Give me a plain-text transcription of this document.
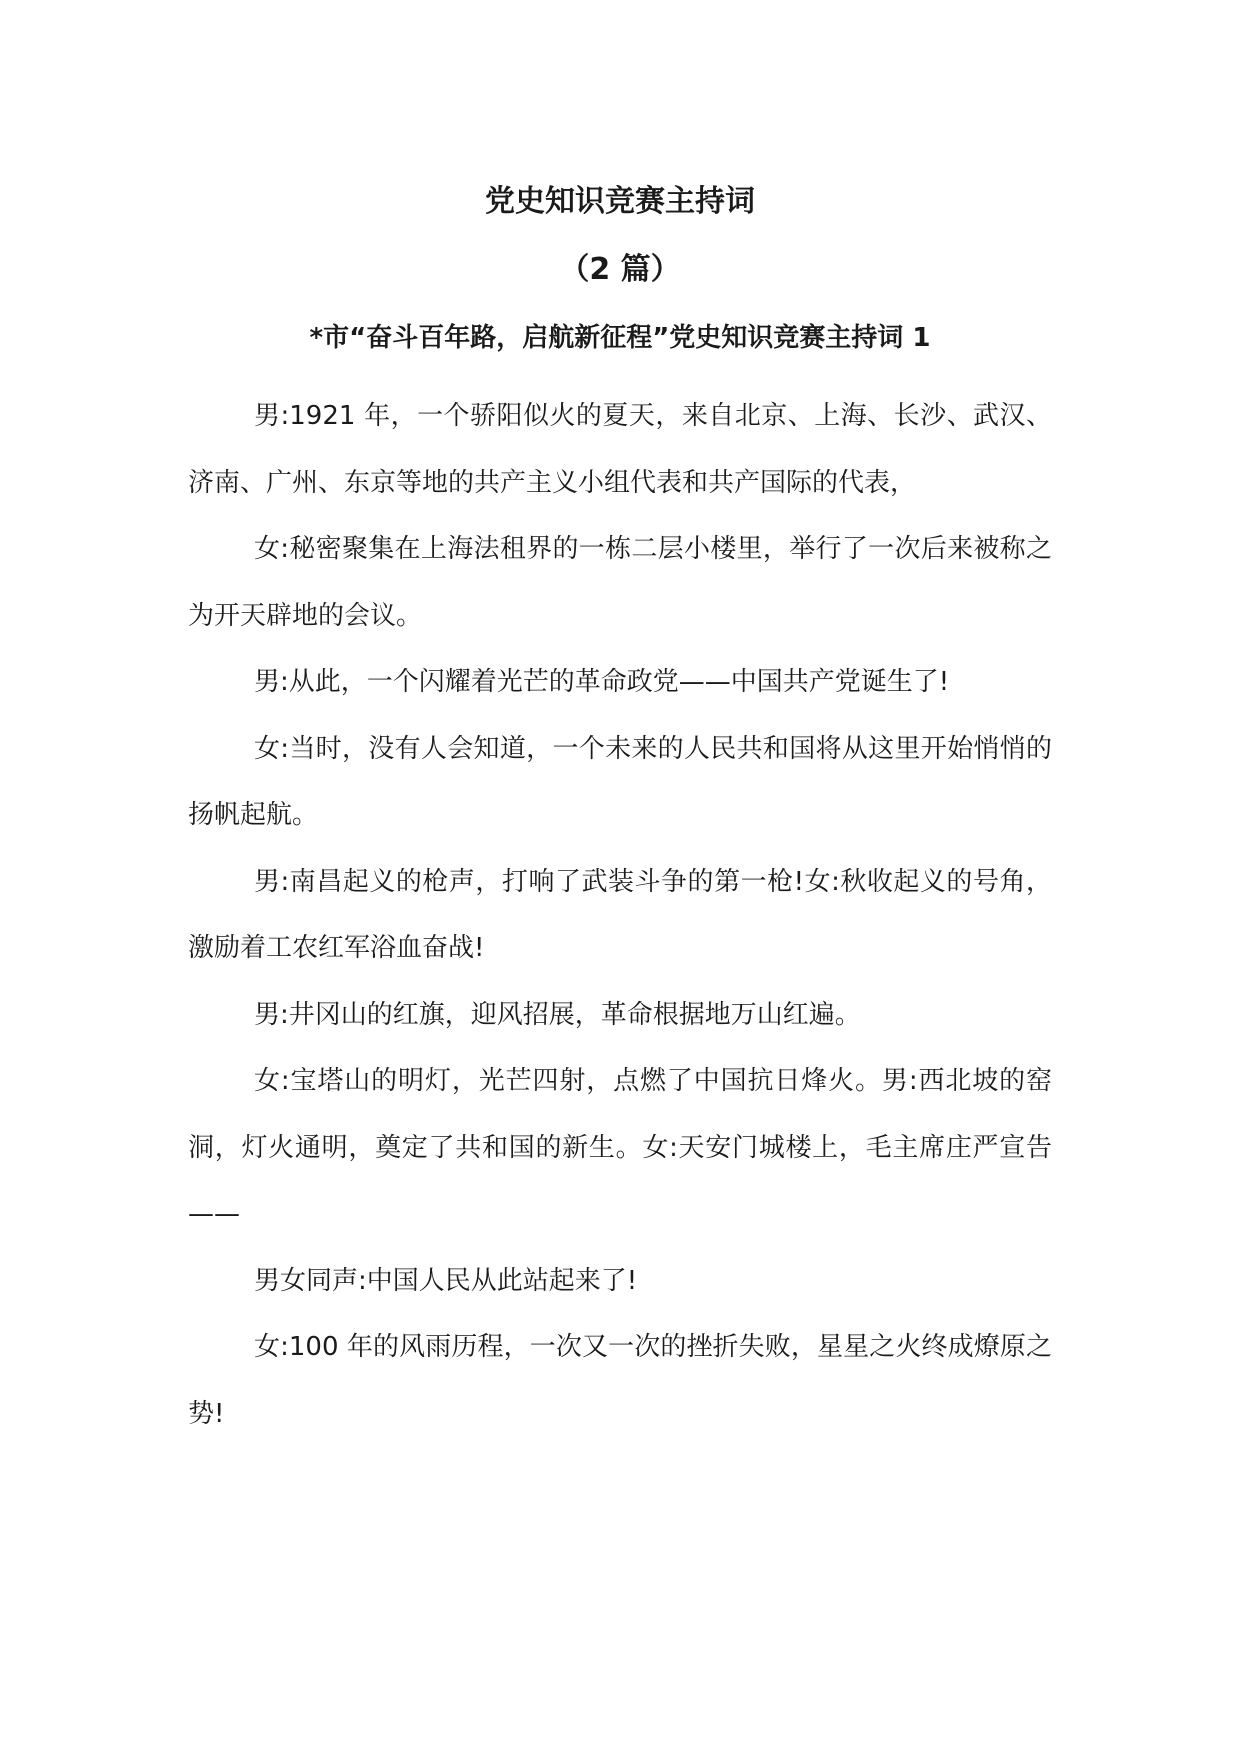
党史知识竞赛主持词
（2 篇）
*市“奋斗百年路，启航新征程”党史知识竞赛主持词 1

男:1921 年，一个骄阳似火的夏天，来自北京、上海、长沙、武汉、济南、广州、东京等地的共产主义小组代表和共产国际的代表，

女:秘密聚集在上海法租界的一栋二层小楼里，举行了一次后来被称之为开天辟地的会议。

男:从此，一个闪耀着光芒的革命政党——中国共产党诞生了!

女:当时，没有人会知道，一个未来的人民共和国将从这里开始悄悄的扬帆起航。

男:南昌起义的枪声，打响了武装斗争的第一枪!女:秋收起义的号角，激励着工农红军浴血奋战!

男:井冈山的红旗，迎风招展，革命根据地万山红遍。

女:宝塔山的明灯，光芒四射，点燃了中国抗日烽火。男:西北坡的窑洞，灯火通明，奠定了共和国的新生。女:天安门城楼上，毛主席庄严宣告——

男女同声:中国人民从此站起来了!

女:100 年的风雨历程，一次又一次的挫折失败，星星之火终成燎原之势!
